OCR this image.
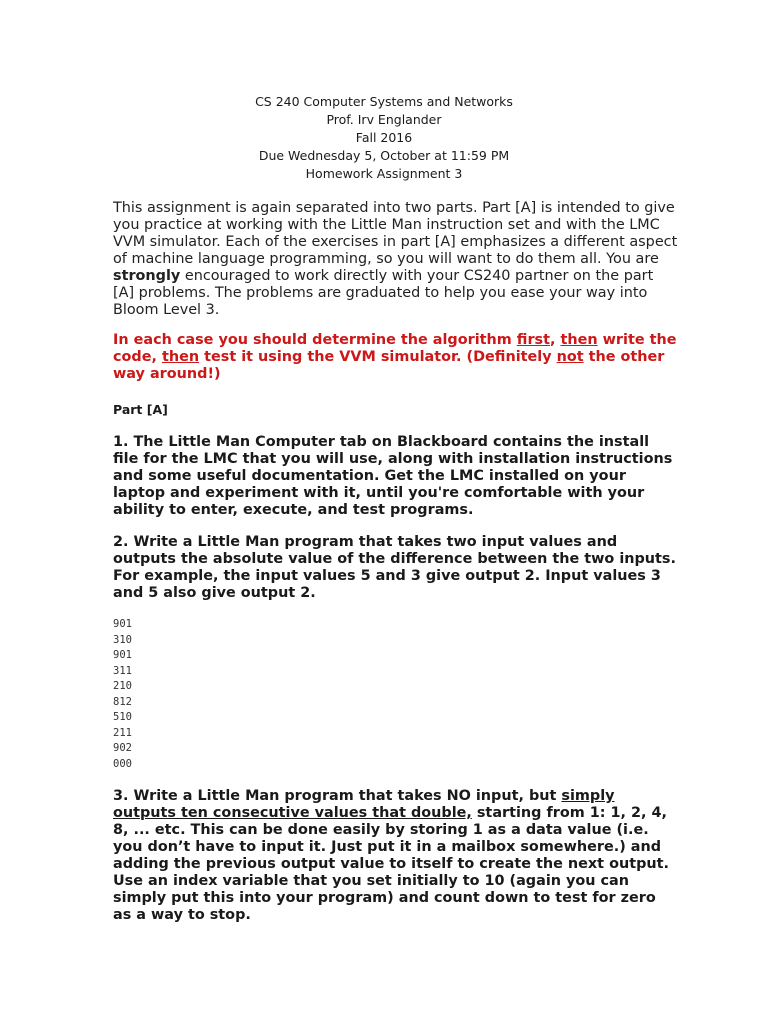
CS 240 Computer Systems and Networks
Prof. Irv Englander
Fall 2016
Due Wednesday 5, October at 11:59 PM
Homework Assignment 3

This assignment is again separated into two parts. Part [A] is intended to give
you practice at working with the Little Man instruction set and with the LMC
VVM simulator. Each of the exercises in part [A] emphasizes a different aspect
of machine language programming, so you will want to do them all. You are
strongly encouraged to work directly with your CS240 partner on the part
[A] problems. The problems are graduated to help you ease your way into
Bloom Level 3.

In each case you should determine the algorithm first, then write the
code, then test it using the VVM simulator. (Definitely not the other
way around!)

Part [A]

1. The Little Man Computer tab on Blackboard contains the install
file for the LMC that you will use, along with installation instructions
and some useful documentation. Get the LMC installed on your
laptop and experiment with it, until you're comfortable with your
ability to enter, execute, and test programs.

2. Write a Little Man program that takes two input values and
outputs the absolute value of the difference between the two inputs.
For example, the input values 5 and 3 give output 2. Input values 3
and 5 also give output 2.

901
310
901
311
210
812
510
211
902
000

3. Write a Little Man program that takes NO input, but simply
outputs ten consecutive values that double, starting from 1: 1, 2, 4,
8, ... etc. This can be done easily by storing 1 as a data value (i.e.
you don’t have to input it. Just put it in a mailbox somewhere.) and
adding the previous output value to itself to create the next output.
Use an index variable that you set initially to 10 (again you can
simply put this into your program) and count down to test for zero
as a way to stop.
